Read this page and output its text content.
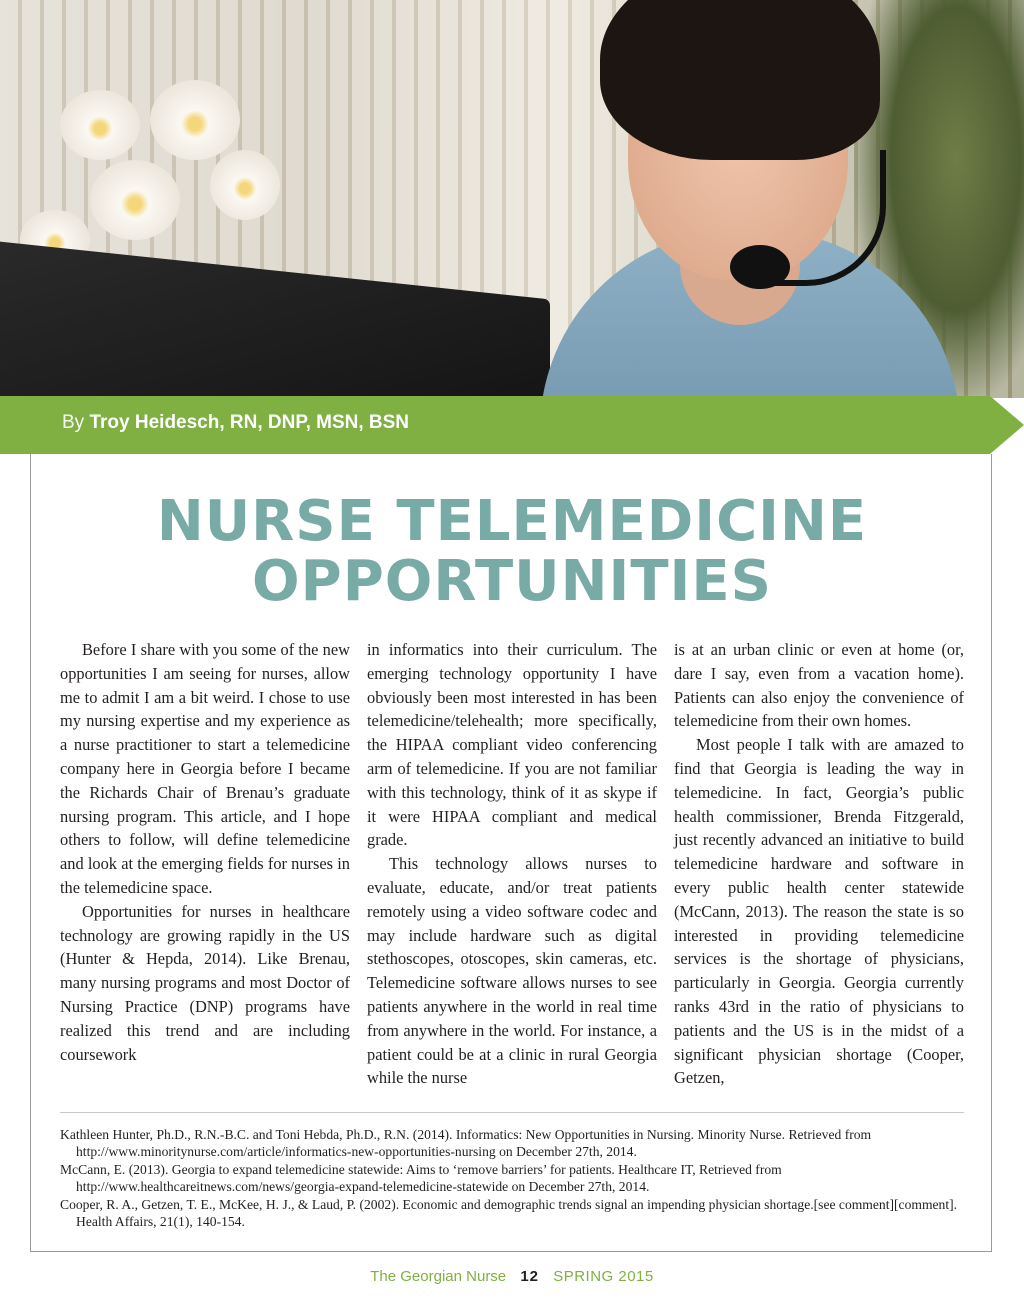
By Troy Heidesch, RN, DNP, MSN, BSN
NURSE TELEMEDICINE OPPORTUNITIES

Before I share with you some of the new opportunities I am seeing for nurses, allow me to admit I am a bit weird. I chose to use my nursing expertise and my experience as a nurse practitioner to start a telemedicine company here in Georgia before I became the Richards Chair of Brenau’s graduate nursing program. This article, and I hope others to follow, will define telemedicine and look at the emerging fields for nurses in the telemedicine space.

Opportunities for nurses in healthcare technology are growing rapidly in the US (Hunter & Hepda, 2014). Like Brenau, many nursing programs and most Doctor of Nursing Practice (DNP) programs have realized this trend and are including coursework

in informatics into their curriculum. The emerging technology opportunity I have obviously been most interested in has been telemedicine/telehealth; more specifically, the HIPAA compliant video conferencing arm of telemedicine. If you are not familiar with this technology, think of it as skype if it were HIPAA compliant and medical grade.

This technology allows nurses to evaluate, educate, and/or treat patients remotely using a video software codec and may include hardware such as digital stethoscopes, otoscopes, skin cameras, etc. Telemedicine software allows nurses to see patients anywhere in the world in real time from anywhere in the world. For instance, a patient could be at a clinic in rural Georgia while the nurse

is at an urban clinic or even at home (or, dare I say, even from a vacation home). Patients can also enjoy the convenience of telemedicine from their own homes.

Most people I talk with are amazed to find that Georgia is leading the way in telemedicine. In fact, Georgia’s public health commissioner, Brenda Fitzgerald, just recently advanced an initiative to build telemedicine hardware and software in every public health center statewide (McCann, 2013). The reason the state is so interested in providing telemedicine services is the shortage of physicians, particularly in Georgia. Georgia currently ranks 43rd in the ratio of physicians to patients and the US is in the midst of a significant physician shortage (Cooper, Getzen,

Kathleen Hunter, Ph.D., R.N.-B.C. and Toni Hebda, Ph.D., R.N. (2014). Informatics: New Opportunities in Nursing. Minority Nurse. Retrieved from http://www.minoritynurse.com/article/informatics-new-opportunities-nursing on December 27th, 2014.

McCann, E. (2013). Georgia to expand telemedicine statewide: Aims to ‘remove barriers’ for patients. Healthcare IT, Retrieved from http://www.healthcareitnews.com/news/georgia-expand-telemedicine-statewide on December 27th, 2014.

Cooper, R. A., Getzen, T. E., McKee, H. J., & Laud, P. (2002). Economic and demographic trends signal an impending physician shortage.[see comment][comment]. Health Affairs, 21(1), 140-154.

The Georgian Nurse 12 SPRING 2015
